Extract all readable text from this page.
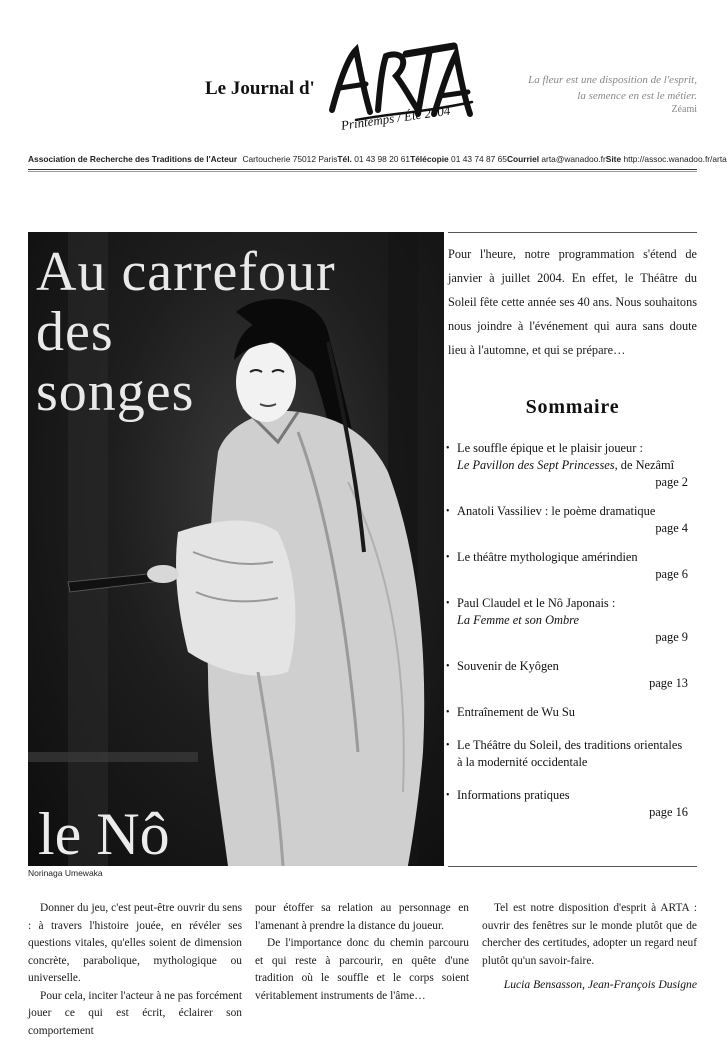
Le Journal d'
Printemps / Été 2004
La fleur est une disposition de l'esprit,
la semence en est le métier.
Zéami
Association de Recherche des Traditions de l'Acteur Cartoucherie 75012 Paris Tél. 01 43 98 20 61 Télécopie 01 43 74 87 65 Courriel arta@wanadoo.fr Site http://assoc.wanadoo.fr/arta
Au carrefour
des
songes
le Nô
Norinaga Umewaka
Pour l'heure, notre programmation s'étend de janvier à juillet 2004. En effet, le Théâtre du Soleil fête cette année ses 40 ans. Nous souhaitons nous joindre à l'événement qui aura sans doute lieu à l'automne, et qui se prépare…
Sommaire
• Le souffle épique et le plaisir joueur :
Le Pavillon des Sept Princesses, de Nezâmî
page 2
• Anatoli Vassiliev : le poème dramatique
page 4
• Le théâtre mythologique amérindien
page 6
• Paul Claudel et le Nô Japonais :
La Femme et son Ombre
page 9
• Souvenir de Kyôgen
page 13
• Entraînement de Wu Su
• Le Théâtre du Soleil, des traditions orientales à la modernité occidentale
• Informations pratiques
page 16

Donner du jeu, c'est peut-être ouvrir du sens : à travers l'histoire jouée, en révéler ses questions vitales, qu'elles soient de dimension concrète, parabolique, mythologique ou universelle.

Pour cela, inciter l'acteur à ne pas forcément jouer ce qui est écrit, éclairer son comportement

pour étoffer sa relation au personnage en l'amenant à prendre la distance du joueur.

De l'importance donc du chemin parcouru et qui reste à parcourir, en quête d'une tradition où le souffle et le corps soient véritablement instruments de l'âme…

Tel est notre disposition d'esprit à ARTA : ouvrir des fenêtres sur le monde plutôt que de chercher des certitudes, adopter un regard neuf plutôt qu'un savoir-faire.

Lucia Bensasson, Jean-François Dusigne
